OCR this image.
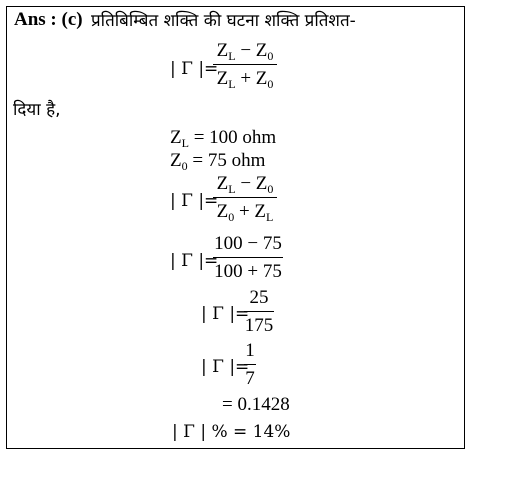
Ans : (c) प्रतिबिम्बित शक्ति की घटना शक्ति प्रतिशत-
| Γ |=
$Z_L - Z_0$
$Z_L + Z_0$
दिया है,
$Z_L = 100$ ohm
$Z_0 = 75$ ohm
| Γ |=
$Z_L - Z_0$
$Z_0 + Z_L$
| Γ |=
100 − 75
100 + 75
| Γ |=
25
175
| Γ |=
1
7
= 0.1428
| Γ | % = 14%
